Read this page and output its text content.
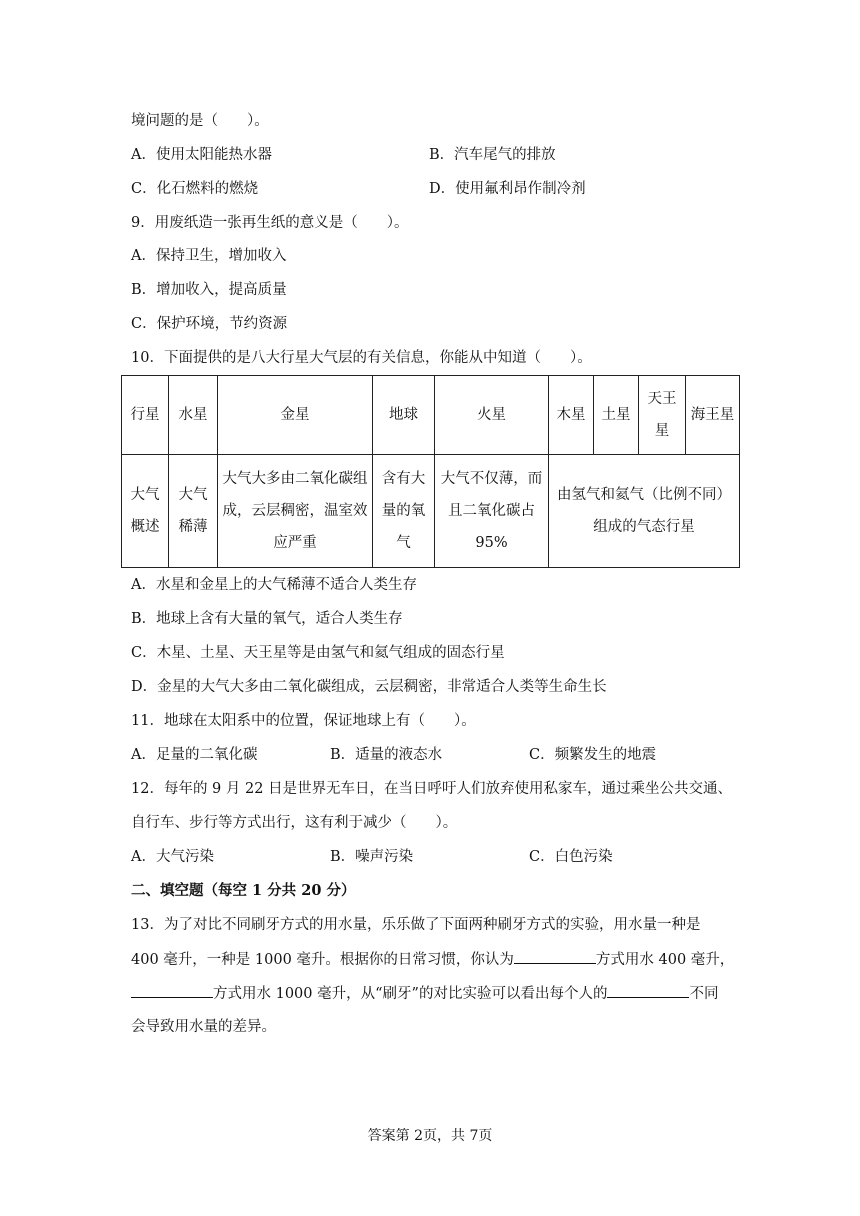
境问题的是（　　）。
A．使用太阳能热水器	B．汽车尾气的排放
C．化石燃料的燃烧	D．使用氟利昂作制冷剂
9．用废纸造一张再生纸的意义是（　　）。
A．保持卫生，增加收入
B．增加收入，提高质量
C．保护环境，节约资源
10．下面提供的是八大行星大气层的有关信息，你能从中知道（　　）。
行星	水星	金星	地球	火星	木星	土星	天王星	海王星
大气概述	大气稀薄	大气大多由二氧化碳组成，云层稠密，温室效应严重	含有大量的氧气	大气不仅薄，而且二氧化碳占95%	由氢气和氦气（比例不同）组成的气态行星			
A．水星和金星上的大气稀薄不适合人类生存
B．地球上含有大量的氧气，适合人类生存
C．木星、土星、天王星等是由氢气和氦气组成的固态行星
D．金星的大气大多由二氧化碳组成，云层稠密，非常适合人类等生命生长
11．地球在太阳系中的位置，保证地球上有（　　）。
A．足量的二氧化碳	B．适量的液态水	C．频繁发生的地震
12．每年的 9 月 22 日是世界无车日，在当日呼吁人们放弃使用私家车，通过乘坐公共交通、
自行车、步行等方式出行，这有利于减少（　　）。
A．大气污染	B．噪声污染	C．白色污染
二、填空题（每空 1 分共 20 分）
13．为了对比不同刷牙方式的用水量，乐乐做了下面两种刷牙方式的实验，用水量一种是
400 毫升，一种是 1000 毫升。根据你的日常习惯，你认为	方式用水 400 毫升，
方式用水 1000 毫升，从“刷牙”的对比实验可以看出每个人的	不同
会导致用水量的差异。
答案第 2页，共 7页
